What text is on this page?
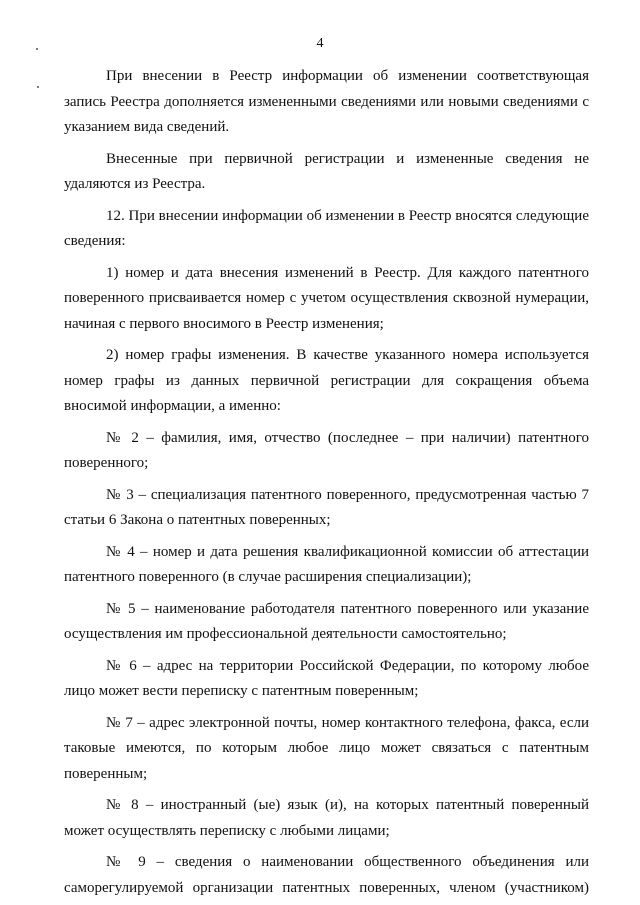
4

При внесении в Реестр информации об изменении соответствующая запись Реестра дополняется измененными сведениями или новыми сведениями с указанием вида сведений.

Внесенные при первичной регистрации и измененные сведения не удаляются из Реестра.

12. При внесении информации об изменении в Реестр вносятся следующие сведения:

1) номер и дата внесения изменений в Реестр. Для каждого патентного поверенного присваивается номер с учетом осуществления сквозной нумерации, начиная с первого вносимого в Реестр изменения;

2) номер графы изменения. В качестве указанного номера используется номер графы из данных первичной регистрации для сокращения объема вносимой информации, а именно:

№ 2 – фамилия, имя, отчество (последнее – при наличии) патентного поверенного;

№ 3 – специализация патентного поверенного, предусмотренная частью 7 статьи 6 Закона о патентных поверенных;

№ 4 – номер и дата решения квалификационной комиссии об аттестации патентного поверенного (в случае расширения специализации);

№ 5 – наименование работодателя патентного поверенного или указание осуществления им профессиональной деятельности самостоятельно;

№ 6 – адрес на территории Российской Федерации, по которому любое лицо может вести переписку с патентным поверенным;

№ 7 – адрес электронной почты, номер контактного телефона, факса, если таковые имеются, по которым любое лицо может связаться с патентным поверенным;

№ 8 – иностранный (ые) язык (и), на которых патентный поверенный может осуществлять переписку с любыми лицами;

№ 9 – сведения о наименовании общественного объединения или саморегулируемой организации патентных поверенных, членом (участником)
